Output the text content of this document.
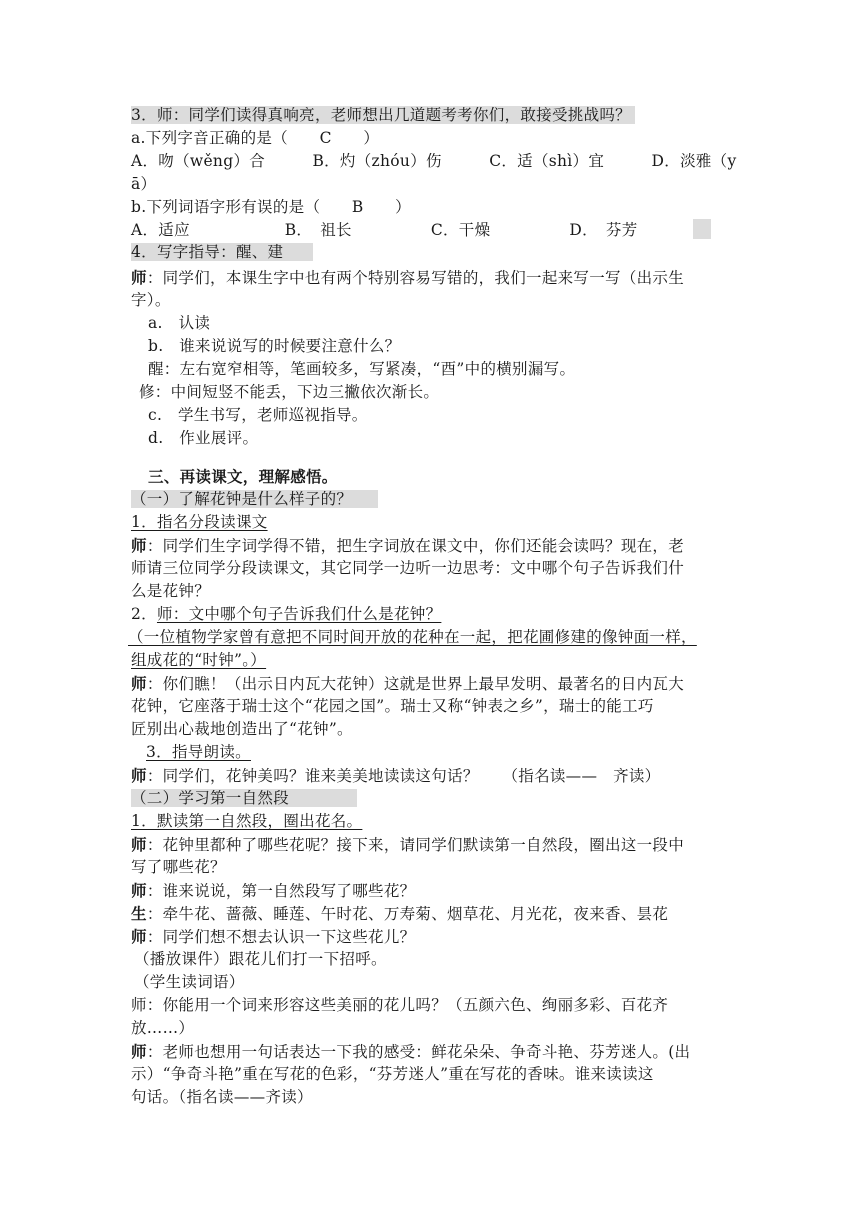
3．师：同学们读得真响亮，老师想出几道题考考你们，敢接受挑战吗？
a.下列字音正确的是（　　C　　）
A．吻（wěng）合　　　B．灼（zhóu）伤　　　C．适（shì）宜　　　D．淡雅（y
ā）
b.下列词语字形有误的是（　　B　　）
A．适应　　　　　　B．　祖长　　　　　C．干燥　　　　　D．　芬芳
4．写字指导：醒、建
师：同学们，本课生字中也有两个特别容易写错的，我们一起来写一写（出示生
字）。
a.　认读
b.　谁来说说写的时候要注意什么？
醒：左右宽窄相等，笔画较多，写紧凑，“酉”中的横别漏写。
修：中间短竖不能丢，下边三撇依次渐长。
c.　学生书写，老师巡视指导。
d.　作业展评。
三、再读课文，理解感悟。
（一）了解花钟是什么样子的？
1．指名分段读课文
师：同学们生字词学得不错，把生字词放在课文中，你们还能会读吗？现在，老
师请三位同学分段读课文，其它同学一边听一边思考：文中哪个句子告诉我们什
么是花钟？
2．师：文中哪个句子告诉我们什么是花钟？
（一位植物学家曾有意把不同时间开放的花种在一起，把花圃修建的像钟面一样，
组成花的“时钟”。）
师：你们瞧！（出示日内瓦大花钟）这就是世界上最早发明、最著名的日内瓦大
花钟，它座落于瑞士这个“花园之国”。瑞士又称“钟表之乡”，瑞士的能工巧
匠别出心裁地创造出了“花钟”。
3．指导朗读。
师：同学们，花钟美吗？谁来美美地读读这句话？　　（指名读——　齐读）
（二）学习第一自然段
1．默读第一自然段，圈出花名。
师：花钟里都种了哪些花呢？接下来，请同学们默读第一自然段，圈出这一段中
写了哪些花？
师：谁来说说，第一自然段写了哪些花？
生：牵牛花、蔷薇、睡莲、午时花、万寿菊、烟草花、月光花，夜来香、昙花
师：同学们想不想去认识一下这些花儿？
（播放课件）跟花儿们打一下招呼。
（学生读词语）
师：你能用一个词来形容这些美丽的花儿吗？（五颜六色、绚丽多彩、百花齐
放……）
师：老师也想用一句话表达一下我的感受：鲜花朵朵、争奇斗艳、芬芳迷人。(出
示）“争奇斗艳”重在写花的色彩，“芬芳迷人”重在写花的香味。谁来读读这
句话。（指名读——齐读）
